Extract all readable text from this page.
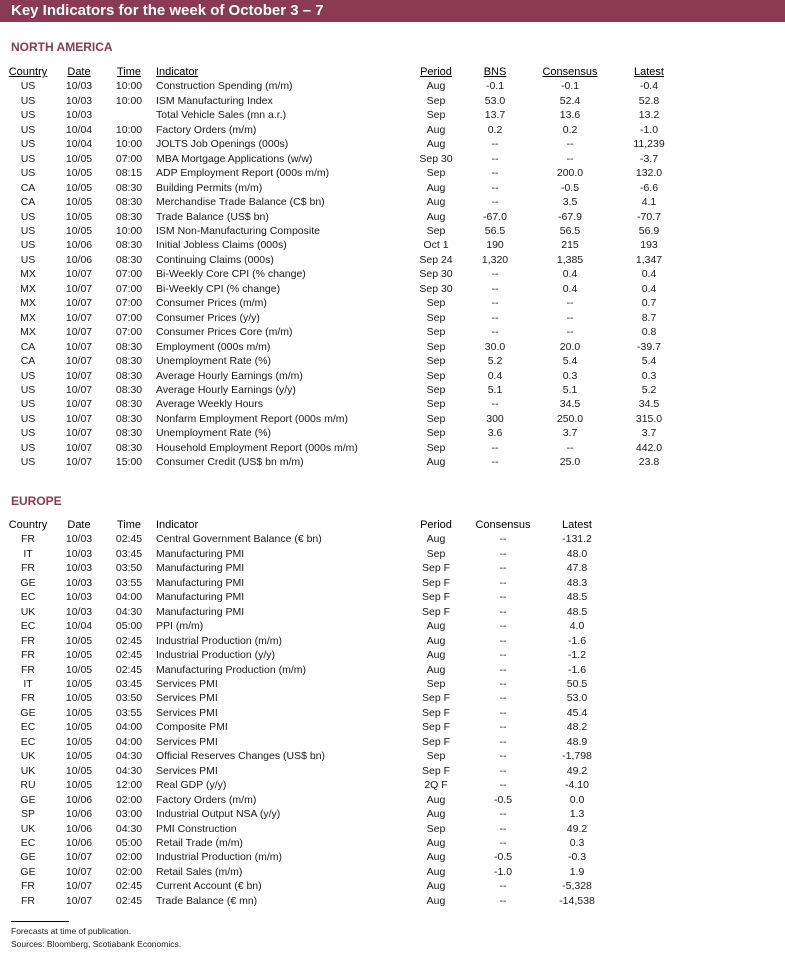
Key Indicators for the week of October 3 – 7
NORTH AMERICA
Country	Date	Time	Indicator	Period	BNS	Consensus	Latest
US	10/03	10:00	Construction Spending (m/m)	Aug	-0.1	-0.1	-0.4
US	10/03	10:00	ISM Manufacturing Index	Sep	53.0	52.4	52.8
US	10/03		Total Vehicle Sales (mn a.r.)	Sep	13.7	13.6	13.2
US	10/04	10:00	Factory Orders (m/m)	Aug	0.2	0.2	-1.0
US	10/04	10:00	JOLTS Job Openings (000s)	Aug	--	--	11,239
US	10/05	07:00	MBA Mortgage Applications (w/w)	Sep 30	--	--	-3.7
US	10/05	08:15	ADP Employment Report (000s m/m)	Sep	--	200.0	132.0
CA	10/05	08:30	Building Permits (m/m)	Aug	--	-0.5	-6.6
CA	10/05	08:30	Merchandise Trade Balance (C$ bn)	Aug	--	3.5	4.1
US	10/05	08:30	Trade Balance (US$ bn)	Aug	-67.0	-67.9	-70.7
US	10/05	10:00	ISM Non-Manufacturing Composite	Sep	56.5	56.5	56.9
US	10/06	08:30	Initial Jobless Claims (000s)	Oct 1	190	215	193
US	10/06	08:30	Continuing Claims (000s)	Sep 24	1,320	1,385	1,347
MX	10/07	07:00	Bi-Weekly Core CPI (% change)	Sep 30	--	0.4	0.4
MX	10/07	07:00	Bi-Weekly CPI (% change)	Sep 30	--	0.4	0.4
MX	10/07	07:00	Consumer Prices (m/m)	Sep	--	--	0.7
MX	10/07	07:00	Consumer Prices (y/y)	Sep	--	--	8.7
MX	10/07	07:00	Consumer Prices Core (m/m)	Sep	--	--	0.8
CA	10/07	08:30	Employment (000s m/m)	Sep	30.0	20.0	-39.7
CA	10/07	08:30	Unemployment Rate (%)	Sep	5.2	5.4	5.4
US	10/07	08:30	Average Hourly Earnings (m/m)	Sep	0.4	0.3	0.3
US	10/07	08:30	Average Hourly Earnings (y/y)	Sep	5.1	5.1	5.2
US	10/07	08:30	Average Weekly Hours	Sep	--	34.5	34.5
US	10/07	08:30	Nonfarm Employment Report (000s m/m)	Sep	300	250.0	315.0
US	10/07	08:30	Unemployment Rate (%)	Sep	3.6	3.7	3.7
US	10/07	08:30	Household Employment Report (000s m/m)	Sep	--	--	442.0
US	10/07	15:00	Consumer Credit (US$ bn m/m)	Aug	--	25.0	23.8
EUROPE
Country	Date	Time	Indicator	Period	Consensus	Latest
FR	10/03	02:45	Central Government Balance (€ bn)	Aug	--	-131.2
IT	10/03	03:45	Manufacturing PMI	Sep	--	48.0
FR	10/03	03:50	Manufacturing PMI	Sep F	--	47.8
GE	10/03	03:55	Manufacturing PMI	Sep F	--	48.3
EC	10/03	04:00	Manufacturing PMI	Sep F	--	48.5
UK	10/03	04:30	Manufacturing PMI	Sep F	--	48.5
EC	10/04	05:00	PPI (m/m)	Aug	--	4.0
FR	10/05	02:45	Industrial Production (m/m)	Aug	--	-1.6
FR	10/05	02:45	Industrial Production (y/y)	Aug	--	-1.2
FR	10/05	02:45	Manufacturing Production (m/m)	Aug	--	-1.6
IT	10/05	03:45	Services PMI	Sep	--	50.5
FR	10/05	03:50	Services PMI	Sep F	--	53.0
GE	10/05	03:55	Services PMI	Sep F	--	45.4
EC	10/05	04:00	Composite PMI	Sep F	--	48.2
EC	10/05	04:00	Services PMI	Sep F	--	48.9
UK	10/05	04:30	Official Reserves Changes (US$ bn)	Sep	--	-1,798
UK	10/05	04:30	Services PMI	Sep F	--	49.2
RU	10/05	12:00	Real GDP (y/y)	2Q F	--	-4.10
GE	10/06	02:00	Factory Orders (m/m)	Aug	-0.5	0.0
SP	10/06	03:00	Industrial Output NSA (y/y)	Aug	--	1.3
UK	10/06	04:30	PMI Construction	Sep	--	49.2
EC	10/06	05:00	Retail Trade (m/m)	Aug	--	0.3
GE	10/07	02:00	Industrial Production (m/m)	Aug	-0.5	-0.3
GE	10/07	02:00	Retail Sales (m/m)	Aug	-1.0	1.9
FR	10/07	02:45	Current Account (€ bn)	Aug	--	-5,328
FR	10/07	02:45	Trade Balance (€ mn)	Aug	--	-14,538
Forecasts at time of publication.
Sources: Bloomberg, Scotiabank Economics.
